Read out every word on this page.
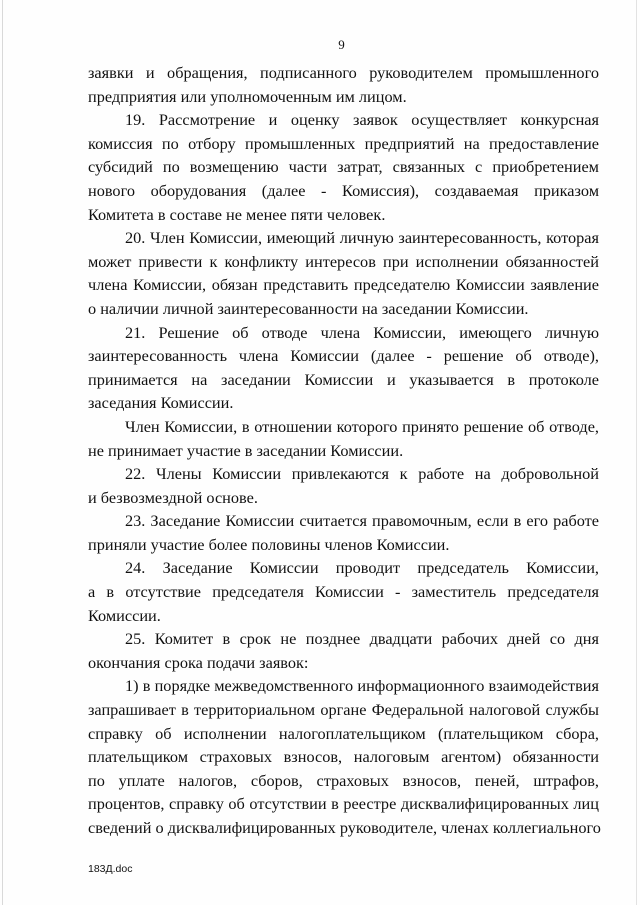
9
заявки и обращения, подписанного руководителем промышленного
предприятия или уполномоченным им лицом.
19. Рассмотрение и оценку заявок осуществляет конкурсная
комиссия по отбору промышленных предприятий на предоставление
субсидий по возмещению части затрат, связанных с приобретением
нового оборудования (далее - Комиссия), создаваемая приказом
Комитета в составе не менее пяти человек.
20. Член Комиссии, имеющий личную заинтересованность, которая
может привести к конфликту интересов при исполнении обязанностей
члена Комиссии, обязан представить председателю Комиссии заявление
о наличии личной заинтересованности на заседании Комиссии.
21. Решение об отводе члена Комиссии, имеющего личную
заинтересованность члена Комиссии (далее - решение об отводе),
принимается на заседании Комиссии и указывается в протоколе
заседания Комиссии.
Член Комиссии, в отношении которого принято решение об отводе,
не принимает участие в заседании Комиссии.
22. Члены Комиссии привлекаются к работе на добровольной
и безвозмездной основе.
23. Заседание Комиссии считается правомочным, если в его работе
приняли участие более половины членов Комиссии.
24. Заседание Комиссии проводит председатель Комиссии,
а в отсутствие председателя Комиссии - заместитель председателя
Комиссии.
25. Комитет в срок не позднее двадцати рабочих дней со дня
окончания срока подачи заявок:
1) в порядке межведомственного информационного взаимодействия
запрашивает в территориальном органе Федеральной налоговой службы
справку об исполнении налогоплательщиком (плательщиком сбора,
плательщиком страховых взносов, налоговым агентом) обязанности
по уплате налогов, сборов, страховых взносов, пеней, штрафов,
процентов, справку об отсутствии в реестре дисквалифицированных лиц
сведений о дисквалифицированных руководителе, членах коллегиального
183Д.doc
